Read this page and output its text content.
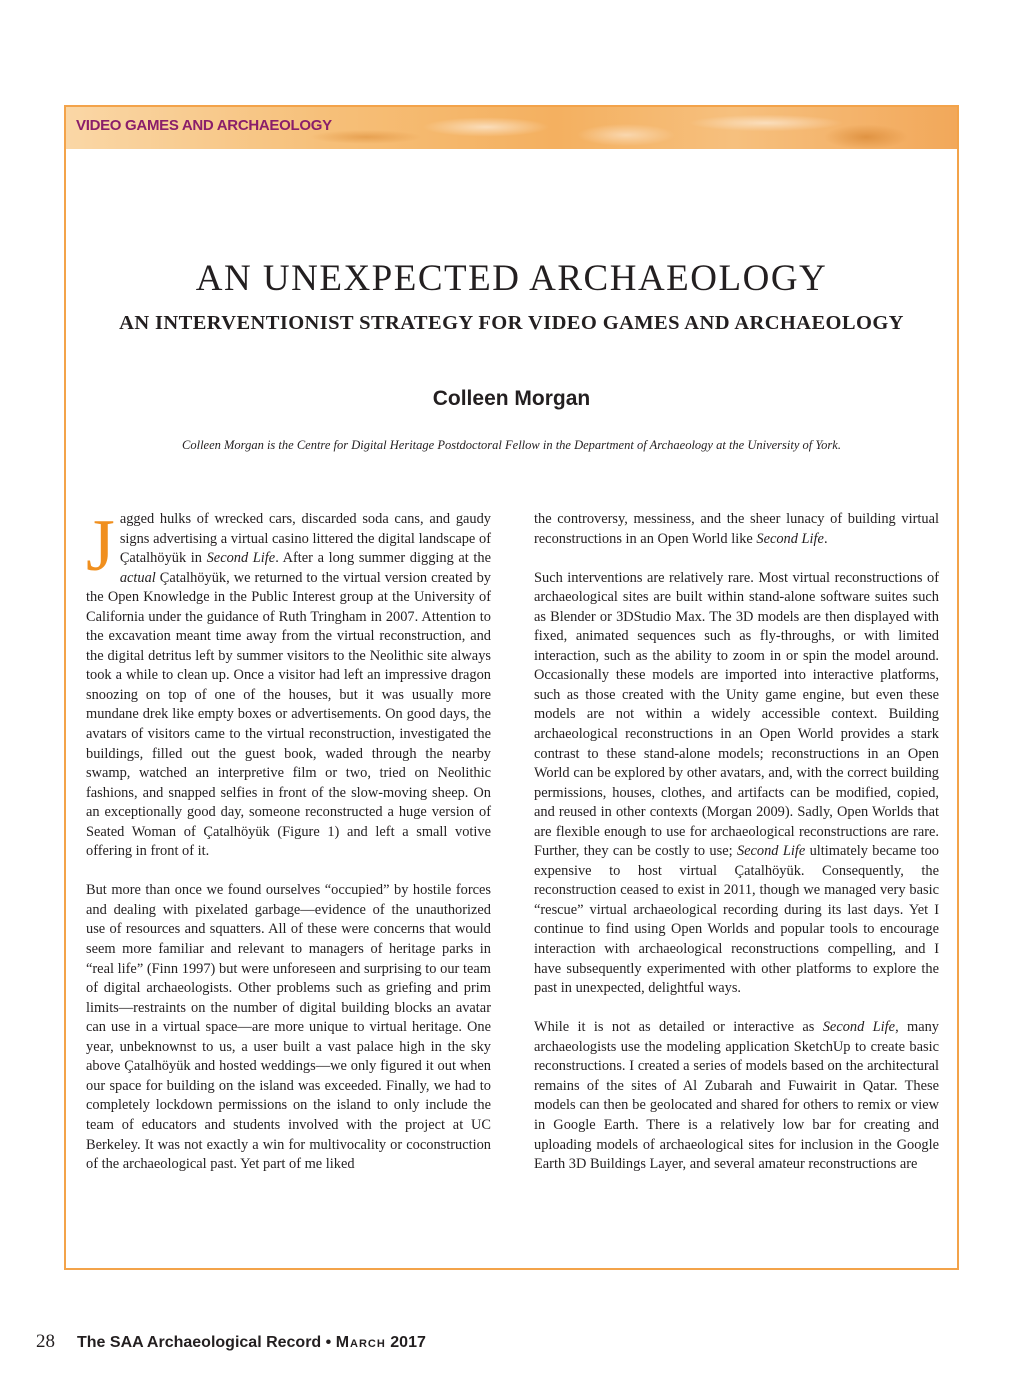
VIDEO GAMES AND ARCHAEOLOGY
AN UNEXPECTED ARCHAEOLOGY
AN INTERVENTIONIST STRATEGY FOR VIDEO GAMES AND ARCHAEOLOGY
Colleen Morgan
Colleen Morgan is the Centre for Digital Heritage Postdoctoral Fellow in the Department of Archaeology at the University of York.

Jagged hulks of wrecked cars, discarded soda cans, and gaudy signs advertising a virtual casino littered the digital landscape of Çatalhöyük in Second Life. After a long summer digging at the actual Çatalhöyük, we returned to the virtual version created by the Open Knowledge in the Public Interest group at the University of California under the guidance of Ruth Tringham in 2007. Attention to the excavation meant time away from the virtual reconstruction, and the digital detritus left by summer visitors to the Neolithic site always took a while to clean up. Once a visitor had left an impressive dragon snoozing on top of one of the houses, but it was usually more mundane drek like empty boxes or advertisements. On good days, the avatars of visitors came to the virtual reconstruction, investigated the buildings, filled out the guest book, waded through the nearby swamp, watched an interpretive film or two, tried on Neolithic fashions, and snapped selfies in front of the slow-moving sheep. On an exceptionally good day, someone reconstructed a huge version of Seated Woman of Çatalhöyük (Figure 1) and left a small votive offering in front of it.

But more than once we found ourselves “occupied” by hostile forces and dealing with pixelated garbage—evidence of the unauthorized use of resources and squatters. All of these were concerns that would seem more familiar and relevant to managers of heritage parks in “real life” (Finn 1997) but were unforeseen and surprising to our team of digital archaeologists. Other problems such as griefing and prim limits—restraints on the number of digital building blocks an avatar can use in a virtual space—are more unique to virtual heritage. One year, unbeknownst to us, a user built a vast palace high in the sky above Çatalhöyük and hosted weddings—we only figured it out when our space for building on the island was exceeded. Finally, we had to completely lockdown permissions on the island to only include the team of educators and students involved with the project at UC Berkeley. It was not exactly a win for multivocality or coconstruction of the archaeological past. Yet part of me liked

the controversy, messiness, and the sheer lunacy of building virtual reconstructions in an Open World like Second Life.

Such interventions are relatively rare. Most virtual reconstructions of archaeological sites are built within stand-alone software suites such as Blender or 3DStudio Max. The 3D models are then displayed with fixed, animated sequences such as fly-throughs, or with limited interaction, such as the ability to zoom in or spin the model around. Occasionally these models are imported into interactive platforms, such as those created with the Unity game engine, but even these models are not within a widely accessible context. Building archaeological reconstructions in an Open World provides a stark contrast to these stand-alone models; reconstructions in an Open World can be explored by other avatars, and, with the correct building permissions, houses, clothes, and artifacts can be modified, copied, and reused in other contexts (Morgan 2009). Sadly, Open Worlds that are flexible enough to use for archaeological reconstructions are rare. Further, they can be costly to use; Second Life ultimately became too expensive to host virtual Çatalhöyük. Consequently, the reconstruction ceased to exist in 2011, though we managed very basic “rescue” virtual archaeological recording during its last days. Yet I continue to find using Open Worlds and popular tools to encourage interaction with archaeological reconstructions compelling, and I have subsequently experimented with other platforms to explore the past in unexpected, delightful ways.

While it is not as detailed or interactive as Second Life, many archaeologists use the modeling application SketchUp to create basic reconstructions. I created a series of models based on the architectural remains of the sites of Al Zubarah and Fuwairit in Qatar. These models can then be geolocated and shared for others to remix or view in Google Earth. There is a relatively low bar for creating and uploading models of archaeological sites for inclusion in the Google Earth 3D Buildings Layer, and several amateur reconstructions are

28 The SAA Archaeological Record • March 2017
